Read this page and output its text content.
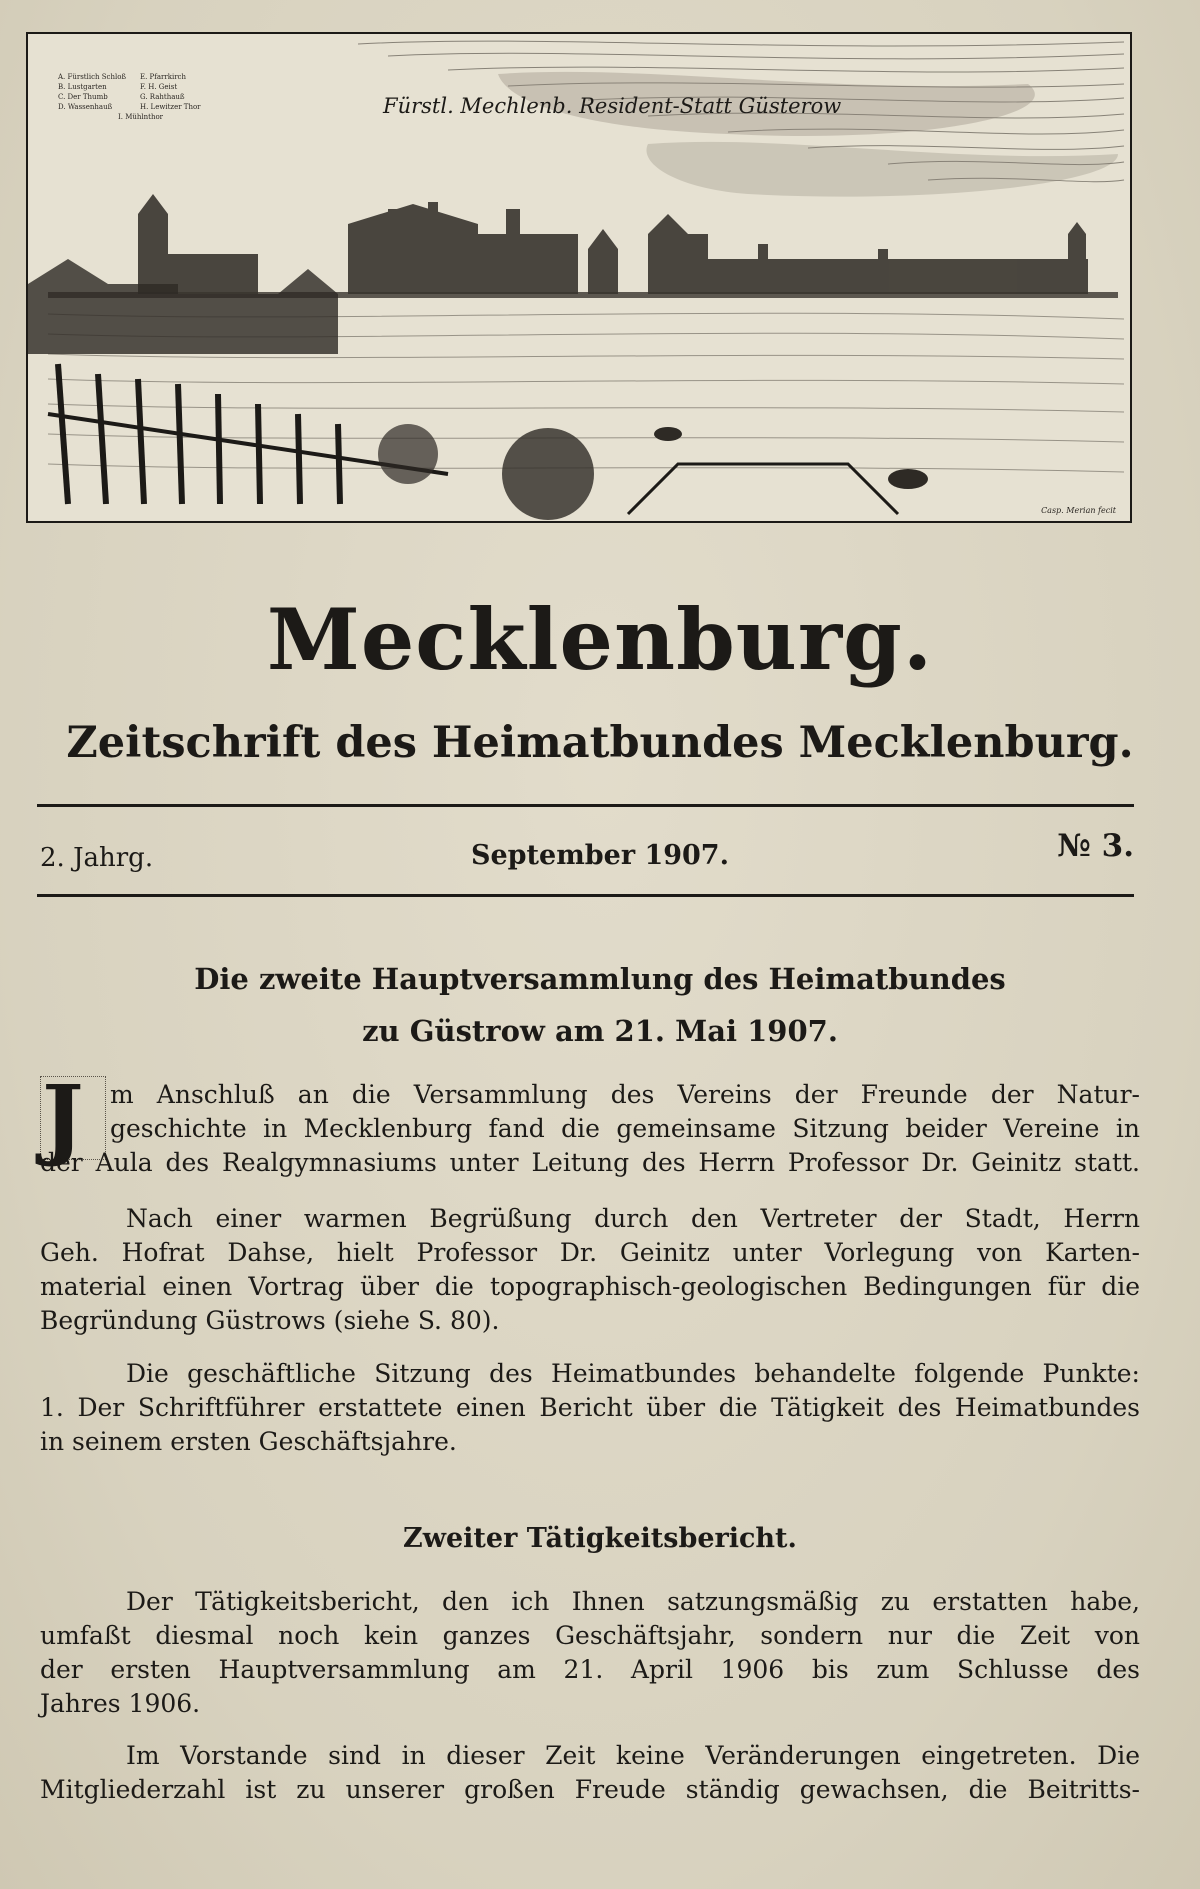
A. Fürstlich Schloß E. Pfarrkirch B. Lustgarten	F. H. Geist C. Der Thumb	G. Rahthauß D. Wassenhauß	H. Lewitzer Thor I. Mühlnthor	Fürstl. Mechlenb. Resident-Statt Güsterow
Casp. Merian fecit
Mecklenburg.
Zeitschrift des Heimatbundes Mecklenburg.
2. Jahrg.	September 1907.	№ 3.
Die zweite Hauptversammlung des Heimatbundes
zu Güstrow am 21. Mai 1907.
J	m Anschluß an die Versammlung des Vereins der Freunde der Natur-
geschichte in Mecklenburg fand die gemeinsame Sitzung beider Vereine in
der Aula des Realgymnasiums unter Leitung des Herrn Professor Dr. Geinitz statt.
Nach einer warmen Begrüßung durch den Vertreter der Stadt, Herrn
Geh. Hofrat Dahse, hielt Professor Dr. Geinitz unter Vorlegung von Karten-
material einen Vortrag über die topographisch-geologischen Bedingungen für die
Begründung Güstrows (siehe S. 80).
Die geschäftliche Sitzung des Heimatbundes behandelte folgende Punkte:
1. Der Schriftführer erstattete einen Bericht über die Tätigkeit des Heimatbundes
in seinem ersten Geschäftsjahre.
Zweiter Tätigkeitsbericht.
Der Tätigkeitsbericht, den ich Ihnen satzungsmäßig zu erstatten habe,
umfaßt diesmal noch kein ganzes Geschäftsjahr, sondern nur die Zeit von
der ersten Hauptversammlung am 21. April 1906 bis zum Schlusse des
Jahres 1906.
Im Vorstande sind in dieser Zeit keine Veränderungen eingetreten. Die
Mitgliederzahl ist zu unserer großen Freude ständig gewachsen, die Beitritts-
